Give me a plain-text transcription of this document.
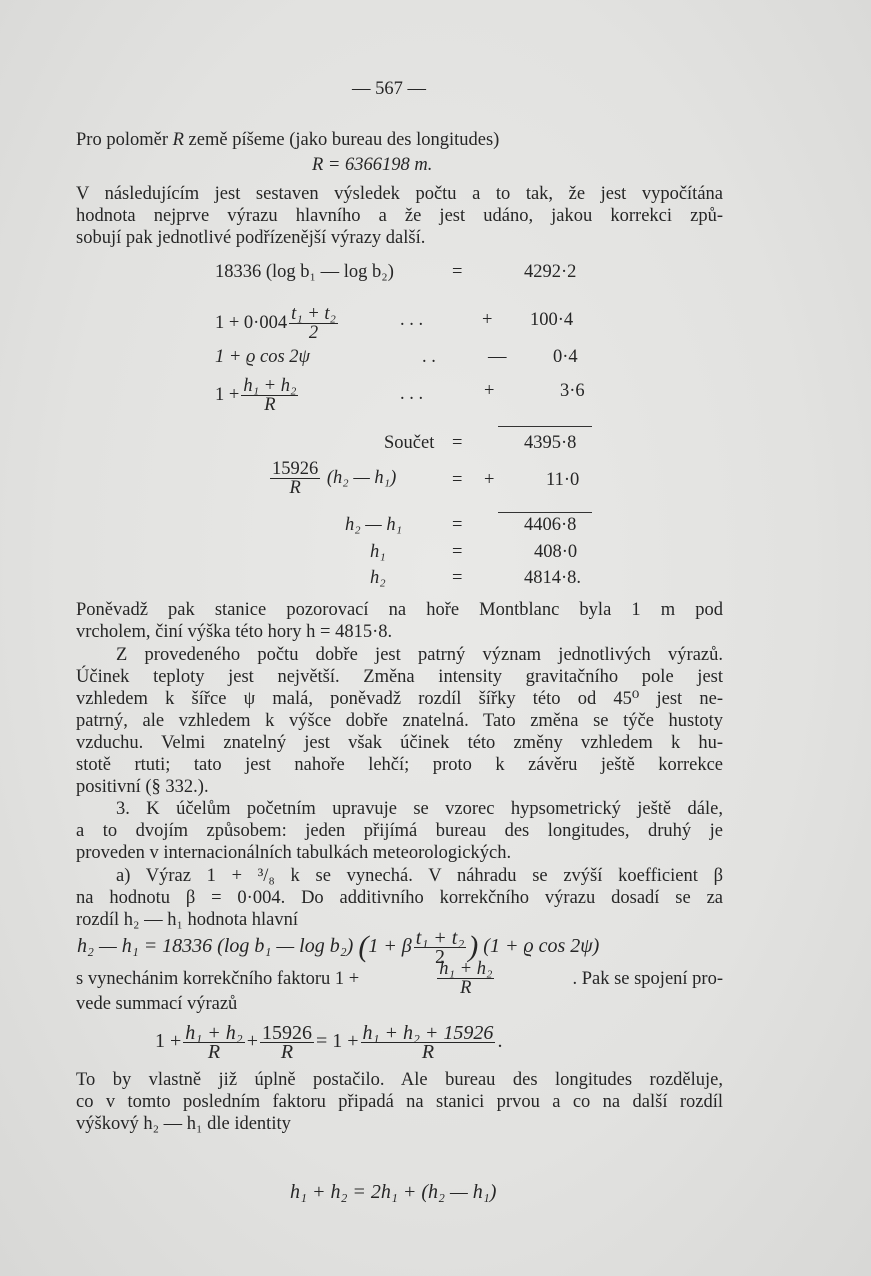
— 567 —
Pro poloměr R země píšeme (jako bureau des longitudes)
R = 6366198 m.
V následujícím jest sestaven výsledek počtu a to tak, že jest vypočítána
hodnota nejprve výrazu hlavního a že jest udáno, jakou korrekci způ-
sobují pak jednotlivé podřízenější výrazy další.
18336 (log b₁ — log b₂)	=	4292·2
$1 + 0\cdot 004 \frac{\text{t₁ + t₂}}{2}$	. . .	+ 100·4
1 + ϱ cos 2ψ	. .	—	0·4
$1 + \frac{\text{h₁ + h₂}}{R}$	. . .	+	3·6
Součet =	4395·8
$\frac{15926}{R} (h_2$ — h₁)	= +	11·0
h₂ — h₁	=	4406·8
h₁	=	408·0
h₂	=	4814·8.
Poněvadž pak stanice pozorovací na hoře Montblanc byla 1 m pod
vrcholem, činí výška této hory h = 4815·8.
Z provedeného počtu dobře jest patrný význam jednotlivých výrazů.
Účinek teploty jest největší. Změna intensity gravitačního pole jest
vzhledem k šířce ψ malá, poněvadž rozdíl šířky této od 45⁰ jest ne-
patrný, ale vzhledem k výšce dobře znatelná. Tato změna se týče hustoty
vzduchu. Velmi znatelný jest však účinek této změny vzhledem k hu-
stotě rtuti; tato jest nahoře lehčí; proto k závěru ještě korrekce
positivní (§ 332.).
3. K účelům početním upravuje se vzorec hypsometrický ještě dále,
a to dvojím způsobem: jeden přijímá bureau des longitudes, druhý je
proveden v internacionálních tabulkách meteorologických.
a) Výraz 1 + ³/₈ k se vynechá. V náhradu se zvýší koefficient β
na hodnotu β = 0·004. Do additivního korrekčního výrazu dosadí se za
rozdíl h₂ — h₁ hodnota hlavní
h₂ — h₁ = 18336 (log b₁ — log b₂) (1 + β $\frac{\text{t₁ + t₂}}{2}$ ) (1 + ϱ cos 2ψ)
s vynechánim korrekčního faktoru 1 +	$\frac{\text{h₁ + h₂}}{R}$	. Pak se spojení pro-
vede summací výrazů
$1 + \frac{\text{h₁ + h₂}}{R} + \frac{15926}{R} = 1 + \frac{\text{h₁ + h₂ + 15926}}{R}$ .
To by vlastně již úplně postačilo. Ale bureau des longitudes rozděluje,
co v tomto posledním faktoru připadá na stanici prvou a co na další rozdíl
výškový h₂ — h₁ dle identity
h₁ + h₂ = 2h₁ + (h₂ — h₁)
